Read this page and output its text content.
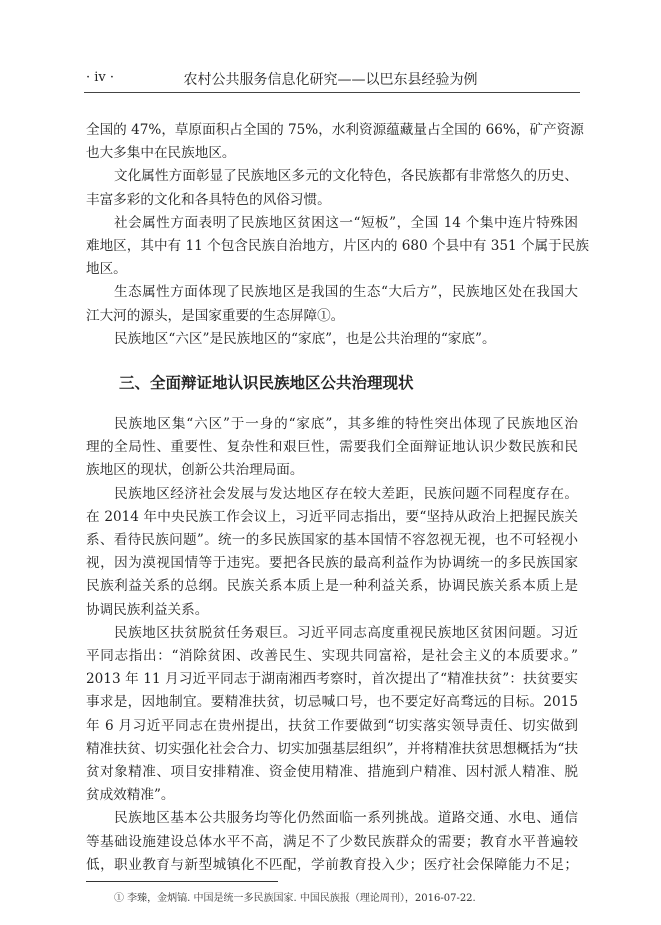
· iv ·	农村公共服务信息化研究——以巴东县经验为例
全国的 47%，草原面积占全国的 75%，水利资源蕴藏量占全国的 66%，矿产资源
也大多集中在民族地区。
文化属性方面彰显了民族地区多元的文化特色，各民族都有非常悠久的历史、
丰富多彩的文化和各具特色的风俗习惯。
社会属性方面表明了民族地区贫困这一“短板”，全国 14 个集中连片特殊困
难地区，其中有 11 个包含民族自治地方，片区内的 680 个县中有 351 个属于民族
地区。
生态属性方面体现了民族地区是我国的生态“大后方”，民族地区处在我国大
江大河的源头，是国家重要的生态屏障①。
民族地区“六区”是民族地区的“家底”，也是公共治理的“家底”。
民族地区集“六区”于一身的“家底”，其多维的特性突出体现了民族地区治
理的全局性、重要性、复杂性和艰巨性，需要我们全面辩证地认识少数民族和民
族地区的现状，创新公共治理局面。
民族地区经济社会发展与发达地区存在较大差距，民族问题不同程度存在。
在 2014 年中央民族工作会议上，习近平同志指出，要“坚持从政治上把握民族关
系、看待民族问题”。统一的多民族国家的基本国情不容忽视无视，也不可轻视小
视，因为漠视国情等于违宪。要把各民族的最高利益作为协调统一的多民族国家
民族利益关系的总纲。民族关系本质上是一种利益关系，协调民族关系本质上是
协调民族利益关系。
民族地区扶贫脱贫任务艰巨。习近平同志高度重视民族地区贫困问题。习近
平同志指出：“消除贫困、改善民生、实现共同富裕，是社会主义的本质要求。”
2013 年 11 月习近平同志于湖南湘西考察时，首次提出了“精准扶贫”：扶贫要实
事求是，因地制宜。要精准扶贫，切忌喊口号，也不要定好高骛远的目标。2015
年 6 月习近平同志在贵州提出，扶贫工作要做到“切实落实领导责任、切实做到
精准扶贫、切实强化社会合力、切实加强基层组织”，并将精准扶贫思想概括为“扶
贫对象精准、项目安排精准、资金使用精准、措施到户精准、因村派人精准、脱
贫成效精准”。
民族地区基本公共服务均等化仍然面临一系列挑战。道路交通、水电、通信
等基础设施建设总体水平不高，满足不了少数民族群众的需要；教育水平普遍较
低，职业教育与新型城镇化不匹配，学前教育投入少；医疗社会保障能力不足；
三、全面辩证地认识民族地区公共治理现状
① 李臻，金炳镐. 中国是统一多民族国家. 中国民族报（理论周刊），2016-07-22.
